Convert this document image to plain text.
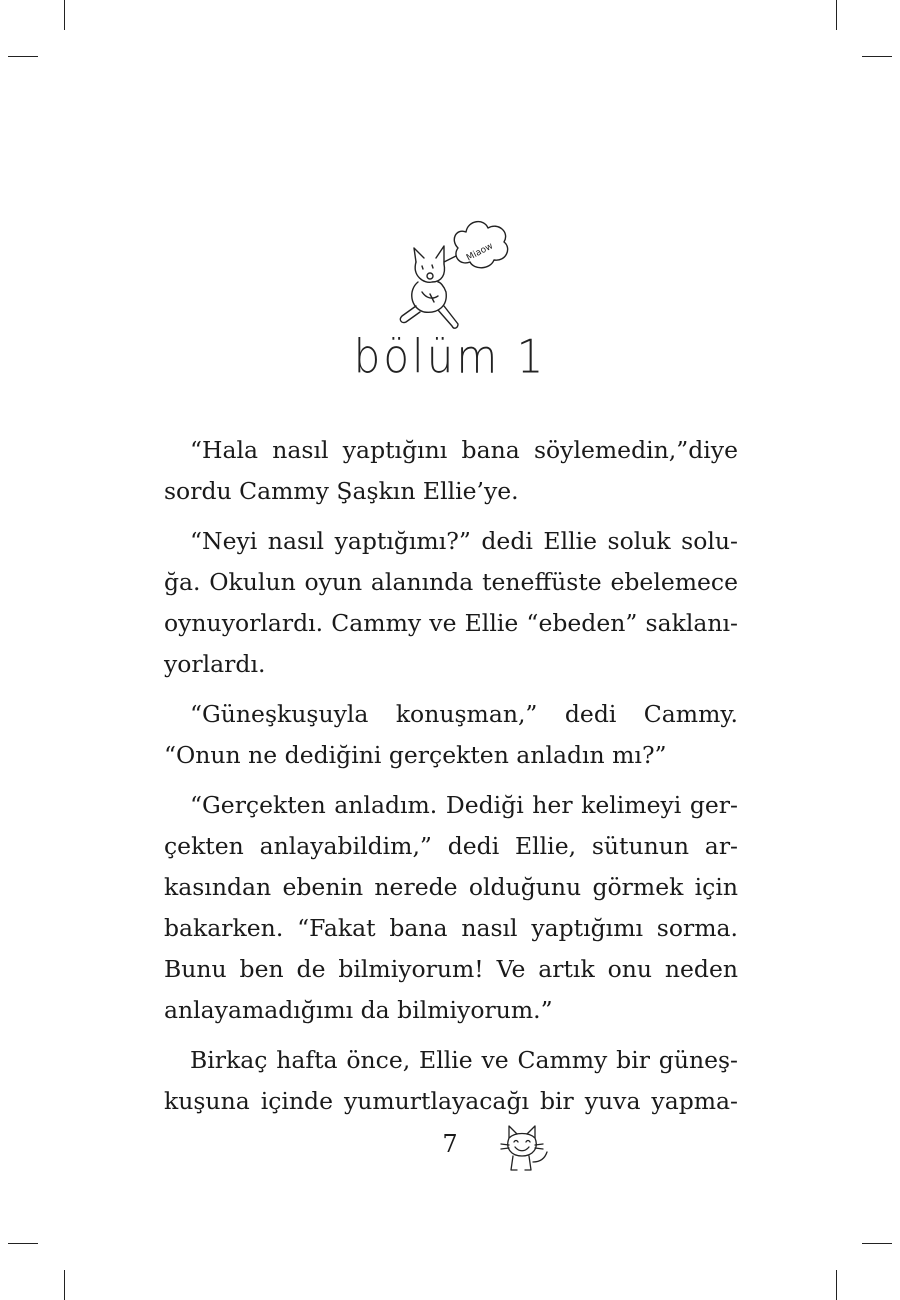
Miaow
bölüm 1

“Hala nasıl yaptığını bana söylemedin,”diye
sordu Cammy Şaşkın Ellie’ye.

“Neyi nasıl yaptığımı?” dedi Ellie soluk solu-
ğa. Okulun oyun alanında teneffüste ebelemece
oynuyorlardı. Cammy ve Ellie “ebeden” saklanı-
yorlardı.

“Güneşkuşuyla konuşman,” dedi Cammy.
“Onun ne dediğini gerçekten anladın mı?”

“Gerçekten anladım. Dediği her kelimeyi ger-
çekten anlayabildim,” dedi Ellie, sütunun ar-
kasından ebenin nerede olduğunu görmek için
bakarken. “Fakat bana nasıl yaptığımı sorma.
Bunu ben de bilmiyorum! Ve artık onu neden
anlayamadığımı da bilmiyorum.”

Birkaç hafta önce, Ellie ve Cammy bir güneş-
kuşuna içinde yumurtlayacağı bir yuva yapma-

7
